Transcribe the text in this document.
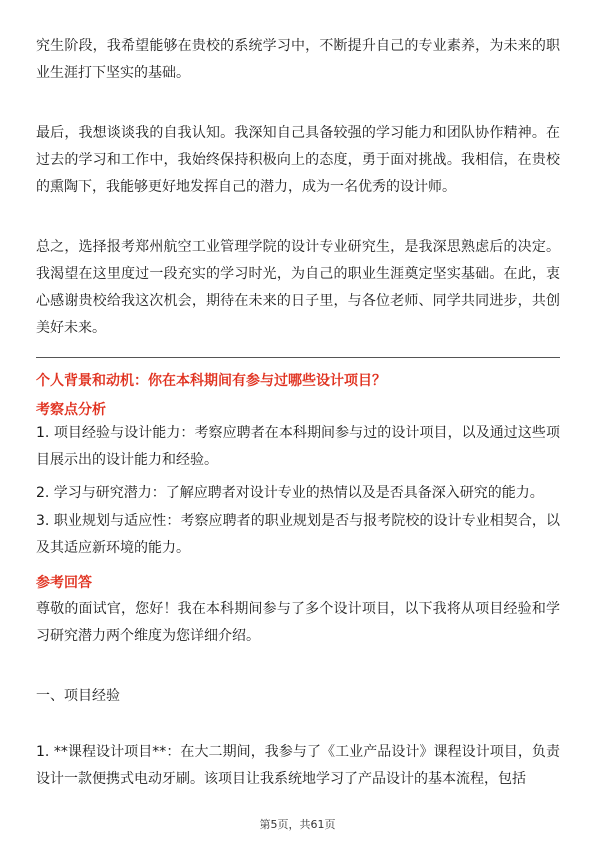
究生阶段，我希望能够在贵校的系统学习中，不断提升自己的专业素养，为未来的职业生涯打下坚实的基础。

最后，我想谈谈我的自我认知。我深知自己具备较强的学习能力和团队协作精神。在过去的学习和工作中，我始终保持积极向上的态度，勇于面对挑战。我相信，在贵校的熏陶下，我能够更好地发挥自己的潜力，成为一名优秀的设计师。

总之，选择报考郑州航空工业管理学院的设计专业研究生，是我深思熟虑后的决定。我渴望在这里度过一段充实的学习时光，为自己的职业生涯奠定坚实基础。在此，衷心感谢贵校给我这次机会，期待在未来的日子里，与各位老师、同学共同进步，共创美好未来。

个人背景和动机：你在本科期间有参与过哪些设计项目？

考察点分析

1. 项目经验与设计能力：考察应聘者在本科期间参与过的设计项目，以及通过这些项目展示出的设计能力和经验。

2. 学习与研究潜力：了解应聘者对设计专业的热情以及是否具备深入研究的能力。

3. 职业规划与适应性：考察应聘者的职业规划是否与报考院校的设计专业相契合，以及其适应新环境的能力。

参考回答

尊敬的面试官，您好！我在本科期间参与了多个设计项目，以下我将从项目经验和学习研究潜力两个维度为您详细介绍。

一、项目经验

1. **课程设计项目**：在大二期间，我参与了《工业产品设计》课程设计项目，负责设计一款便携式电动牙刷。该项目让我系统地学习了产品设计的基本流程，包括

第5页，共61页
